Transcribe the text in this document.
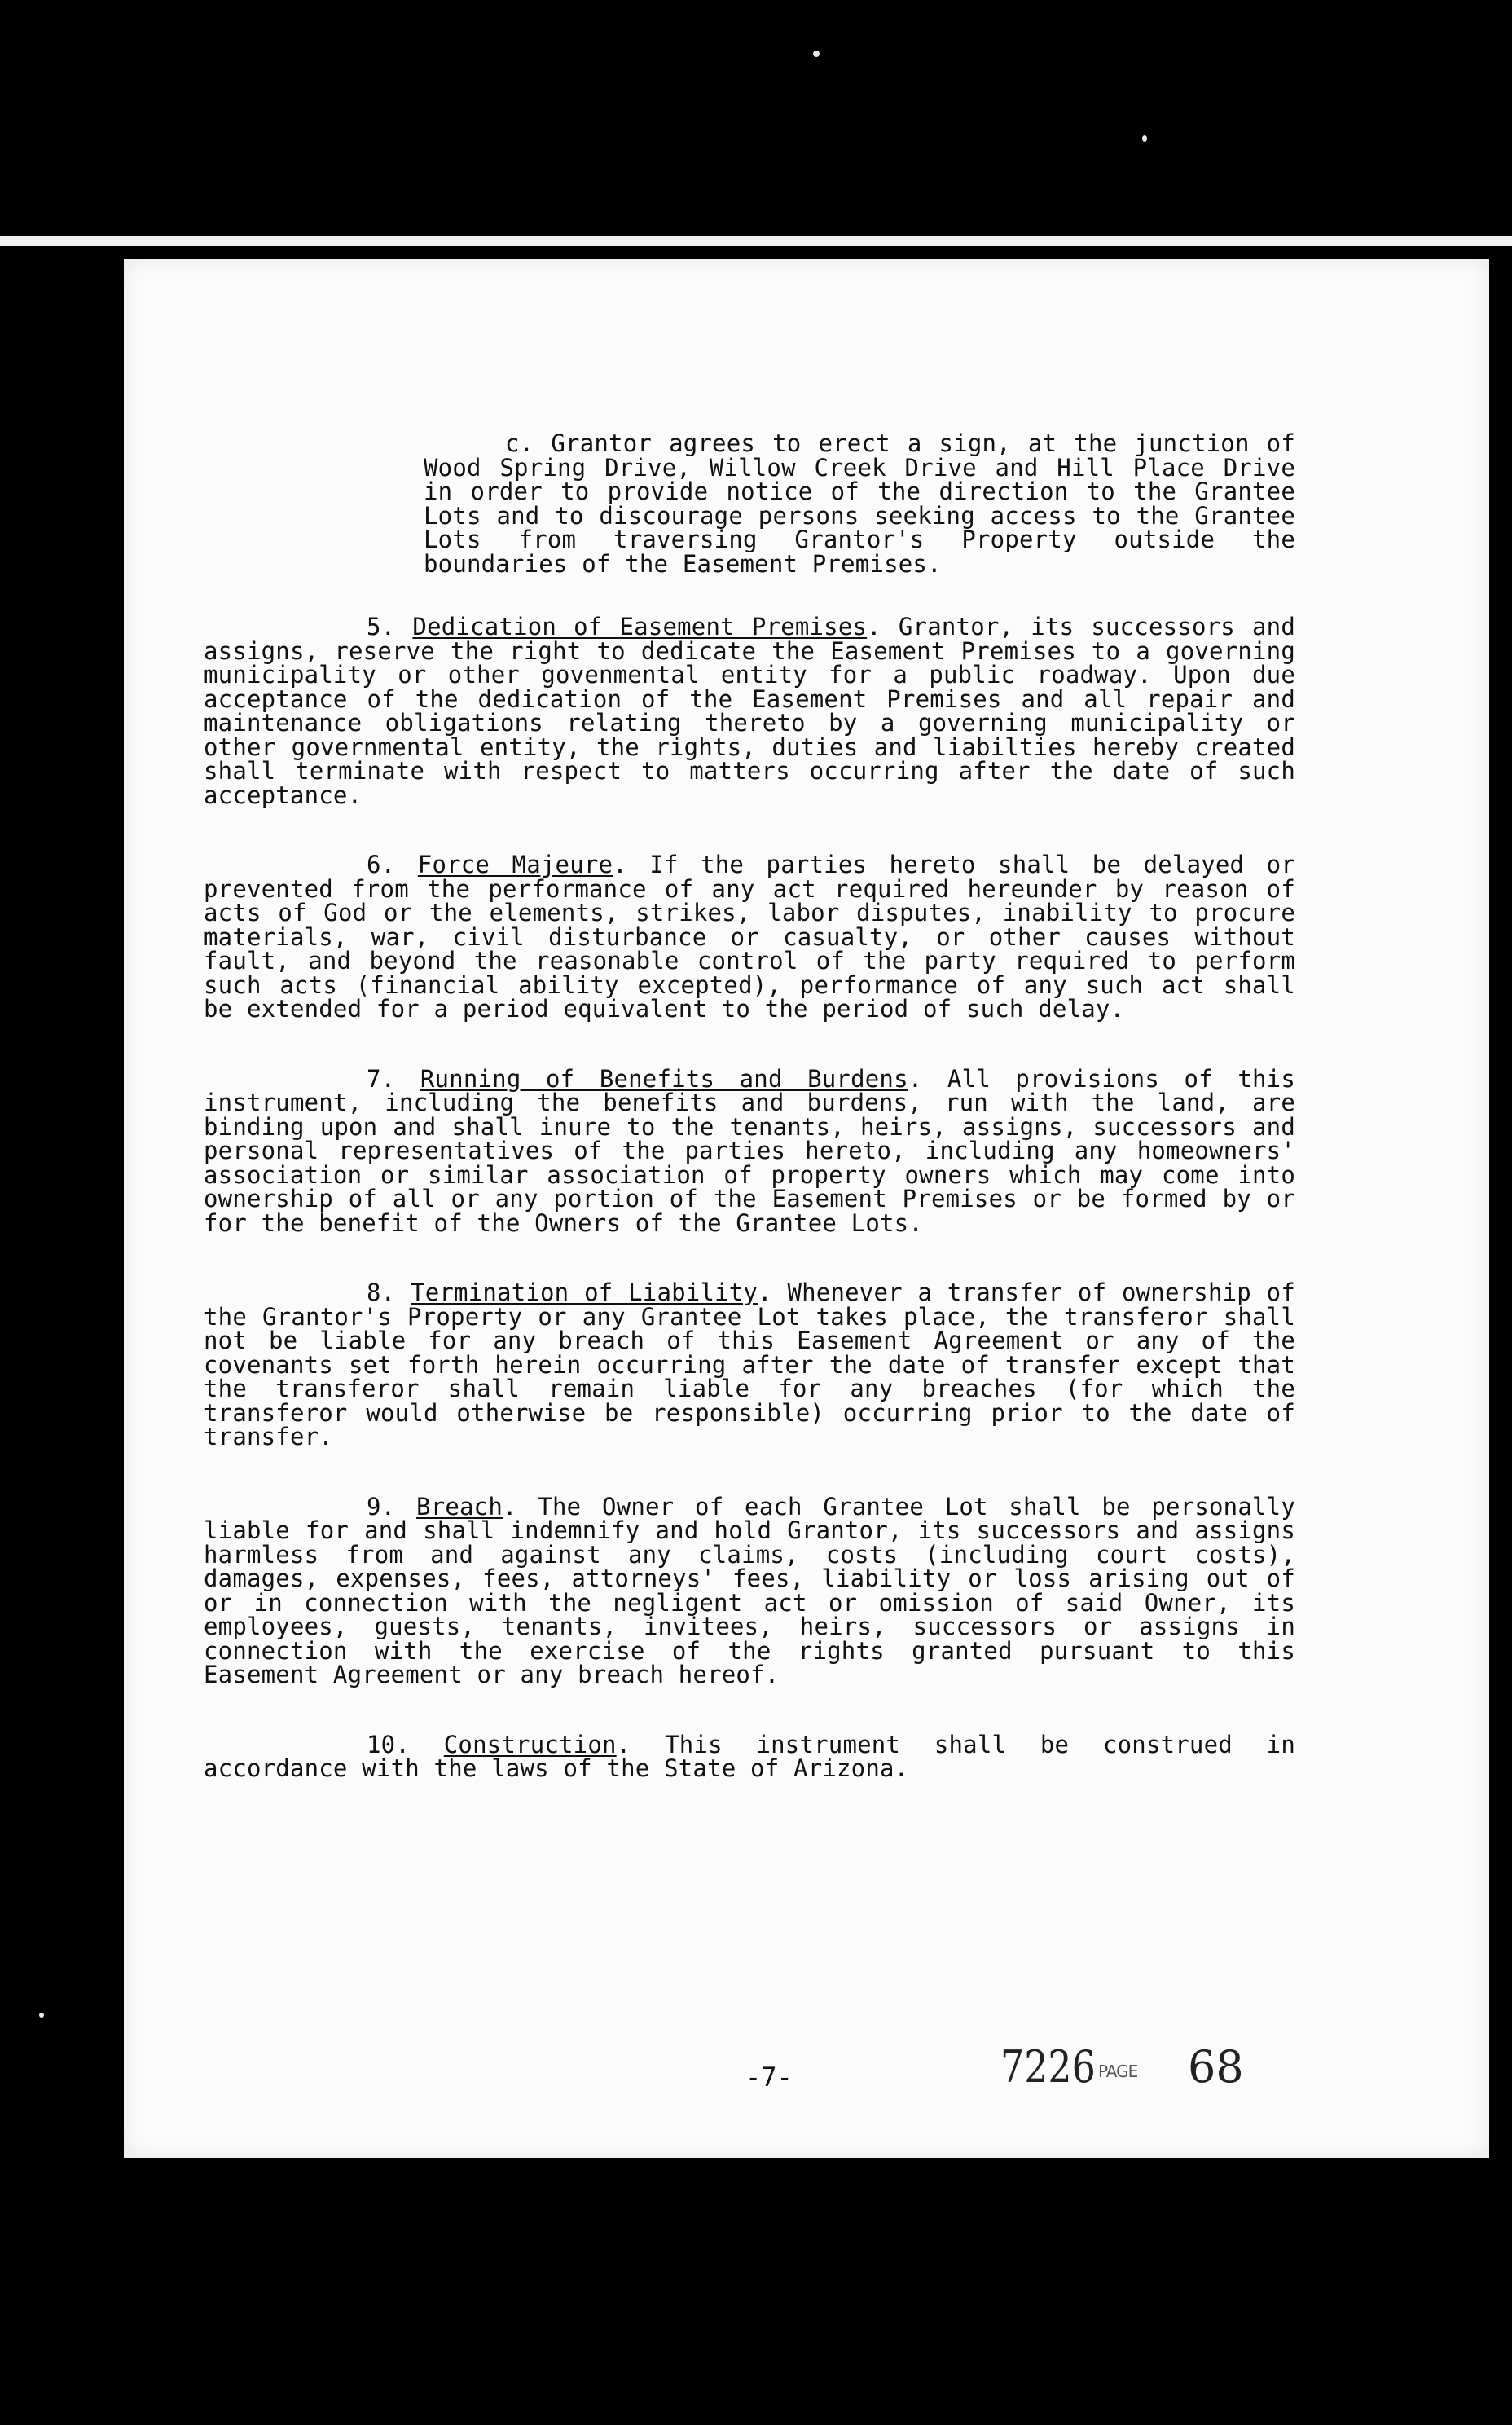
c. Grantor agrees to erect a sign, at the junction of Wood Spring Drive, Willow Creek Drive and Hill Place Drive in order to provide notice of the direction to the Grantee Lots and to discourage persons seeking access to the Grantee Lots from traversing Grantor's Property outside the boundaries of the Easement Premises.

5. Dedication of Easement Premises. Grantor, its successors and assigns, reserve the right to dedicate the Easement Premises to a governing municipality or other govenmental entity for a public roadway. Upon due acceptance of the dedication of the Easement Premises and all repair and maintenance obligations relating thereto by a governing municipality or other governmental entity, the rights, duties and liabilties hereby created shall terminate with respect to matters occurring after the date of such acceptance.

6. Force Majeure. If the parties hereto shall be delayed or prevented from the performance of any act required hereunder by reason of acts of God or the elements, strikes, labor disputes, inability to procure materials, war, civil disturbance or casualty, or other causes without fault, and beyond the reasonable control of the party required to perform such acts (financial ability excepted), performance of any such act shall be extended for a period equivalent to the period of such delay.

7. Running of Benefits and Burdens. All provisions of this instrument, including the benefits and burdens, run with the land, are binding upon and shall inure to the tenants, heirs, assigns, successors and personal representatives of the parties hereto, including any homeowners' association or similar association of property owners which may come into ownership of all or any portion of the Easement Premises or be formed by or for the benefit of the Owners of the Grantee Lots.

8. Termination of Liability. Whenever a transfer of ownership of the Grantor's Property or any Grantee Lot takes place, the transferor shall not be liable for any breach of this Easement Agreement or any of the covenants set forth herein occurring after the date of transfer except that the transferor shall remain liable for any breaches (for which the transferor would otherwise be responsible) occurring prior to the date of transfer.

9. Breach. The Owner of each Grantee Lot shall be personally liable for and shall indemnify and hold Grantor, its successors and assigns harmless from and against any claims, costs (including court costs), damages, expenses, fees, attorneys' fees, liability or loss arising out of or in connection with the negligent act or omission of said Owner, its employees, guests, tenants, invitees, heirs, successors or assigns in connection with the exercise of the rights granted pursuant to this Easement Agreement or any breach hereof.

10. Construction. This instrument shall be construed in accordance with the laws of the State of Arizona.

-7-	7226 PAGE 68
